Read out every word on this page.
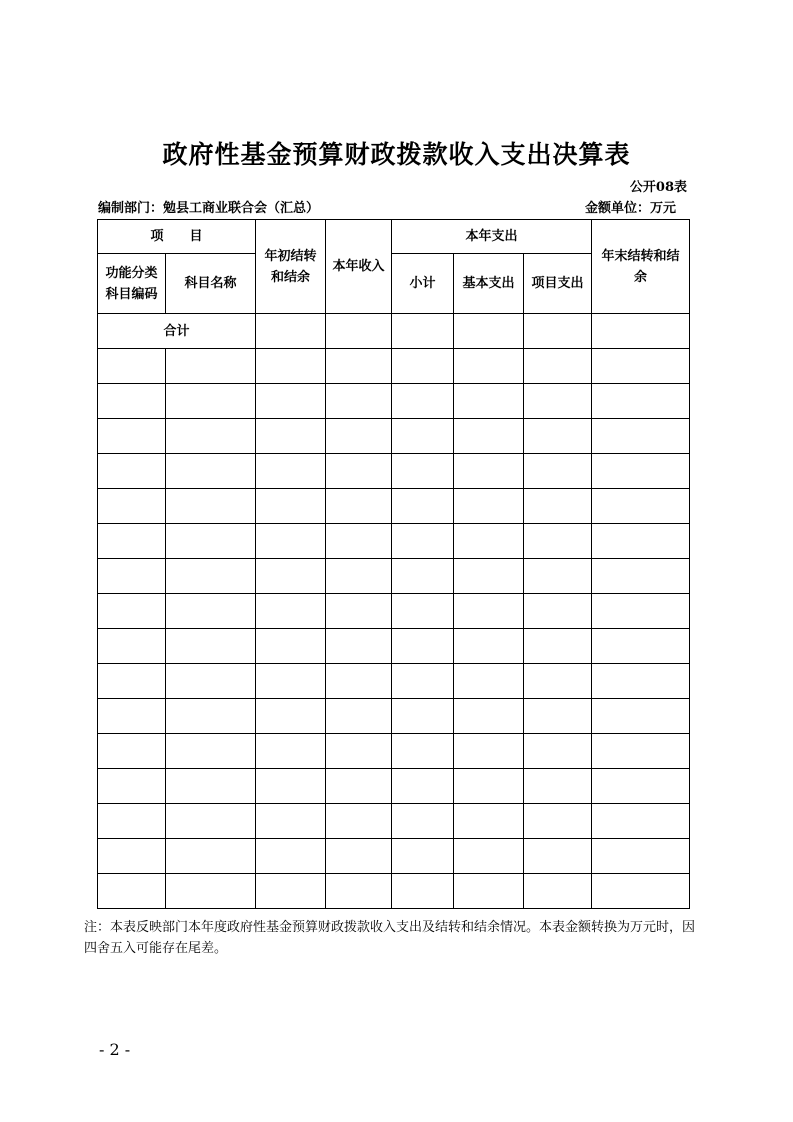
政府性基金预算财政拨款收入支出决算表
公开08表
编制部门：勉县工商业联合会（汇总）	金额单位：万元
项　　目		年初结转和结余	本年收入	本年支出			年末结转和结余
功能分类科目编码	科目名称			小计	基本支出	项目支出	
合计							

注：本表反映部门本年度政府性基金预算财政拨款收入支出及结转和结余情况。本表金额转换为万元时，因四舍五入可能存在尾差。
- 2 -
